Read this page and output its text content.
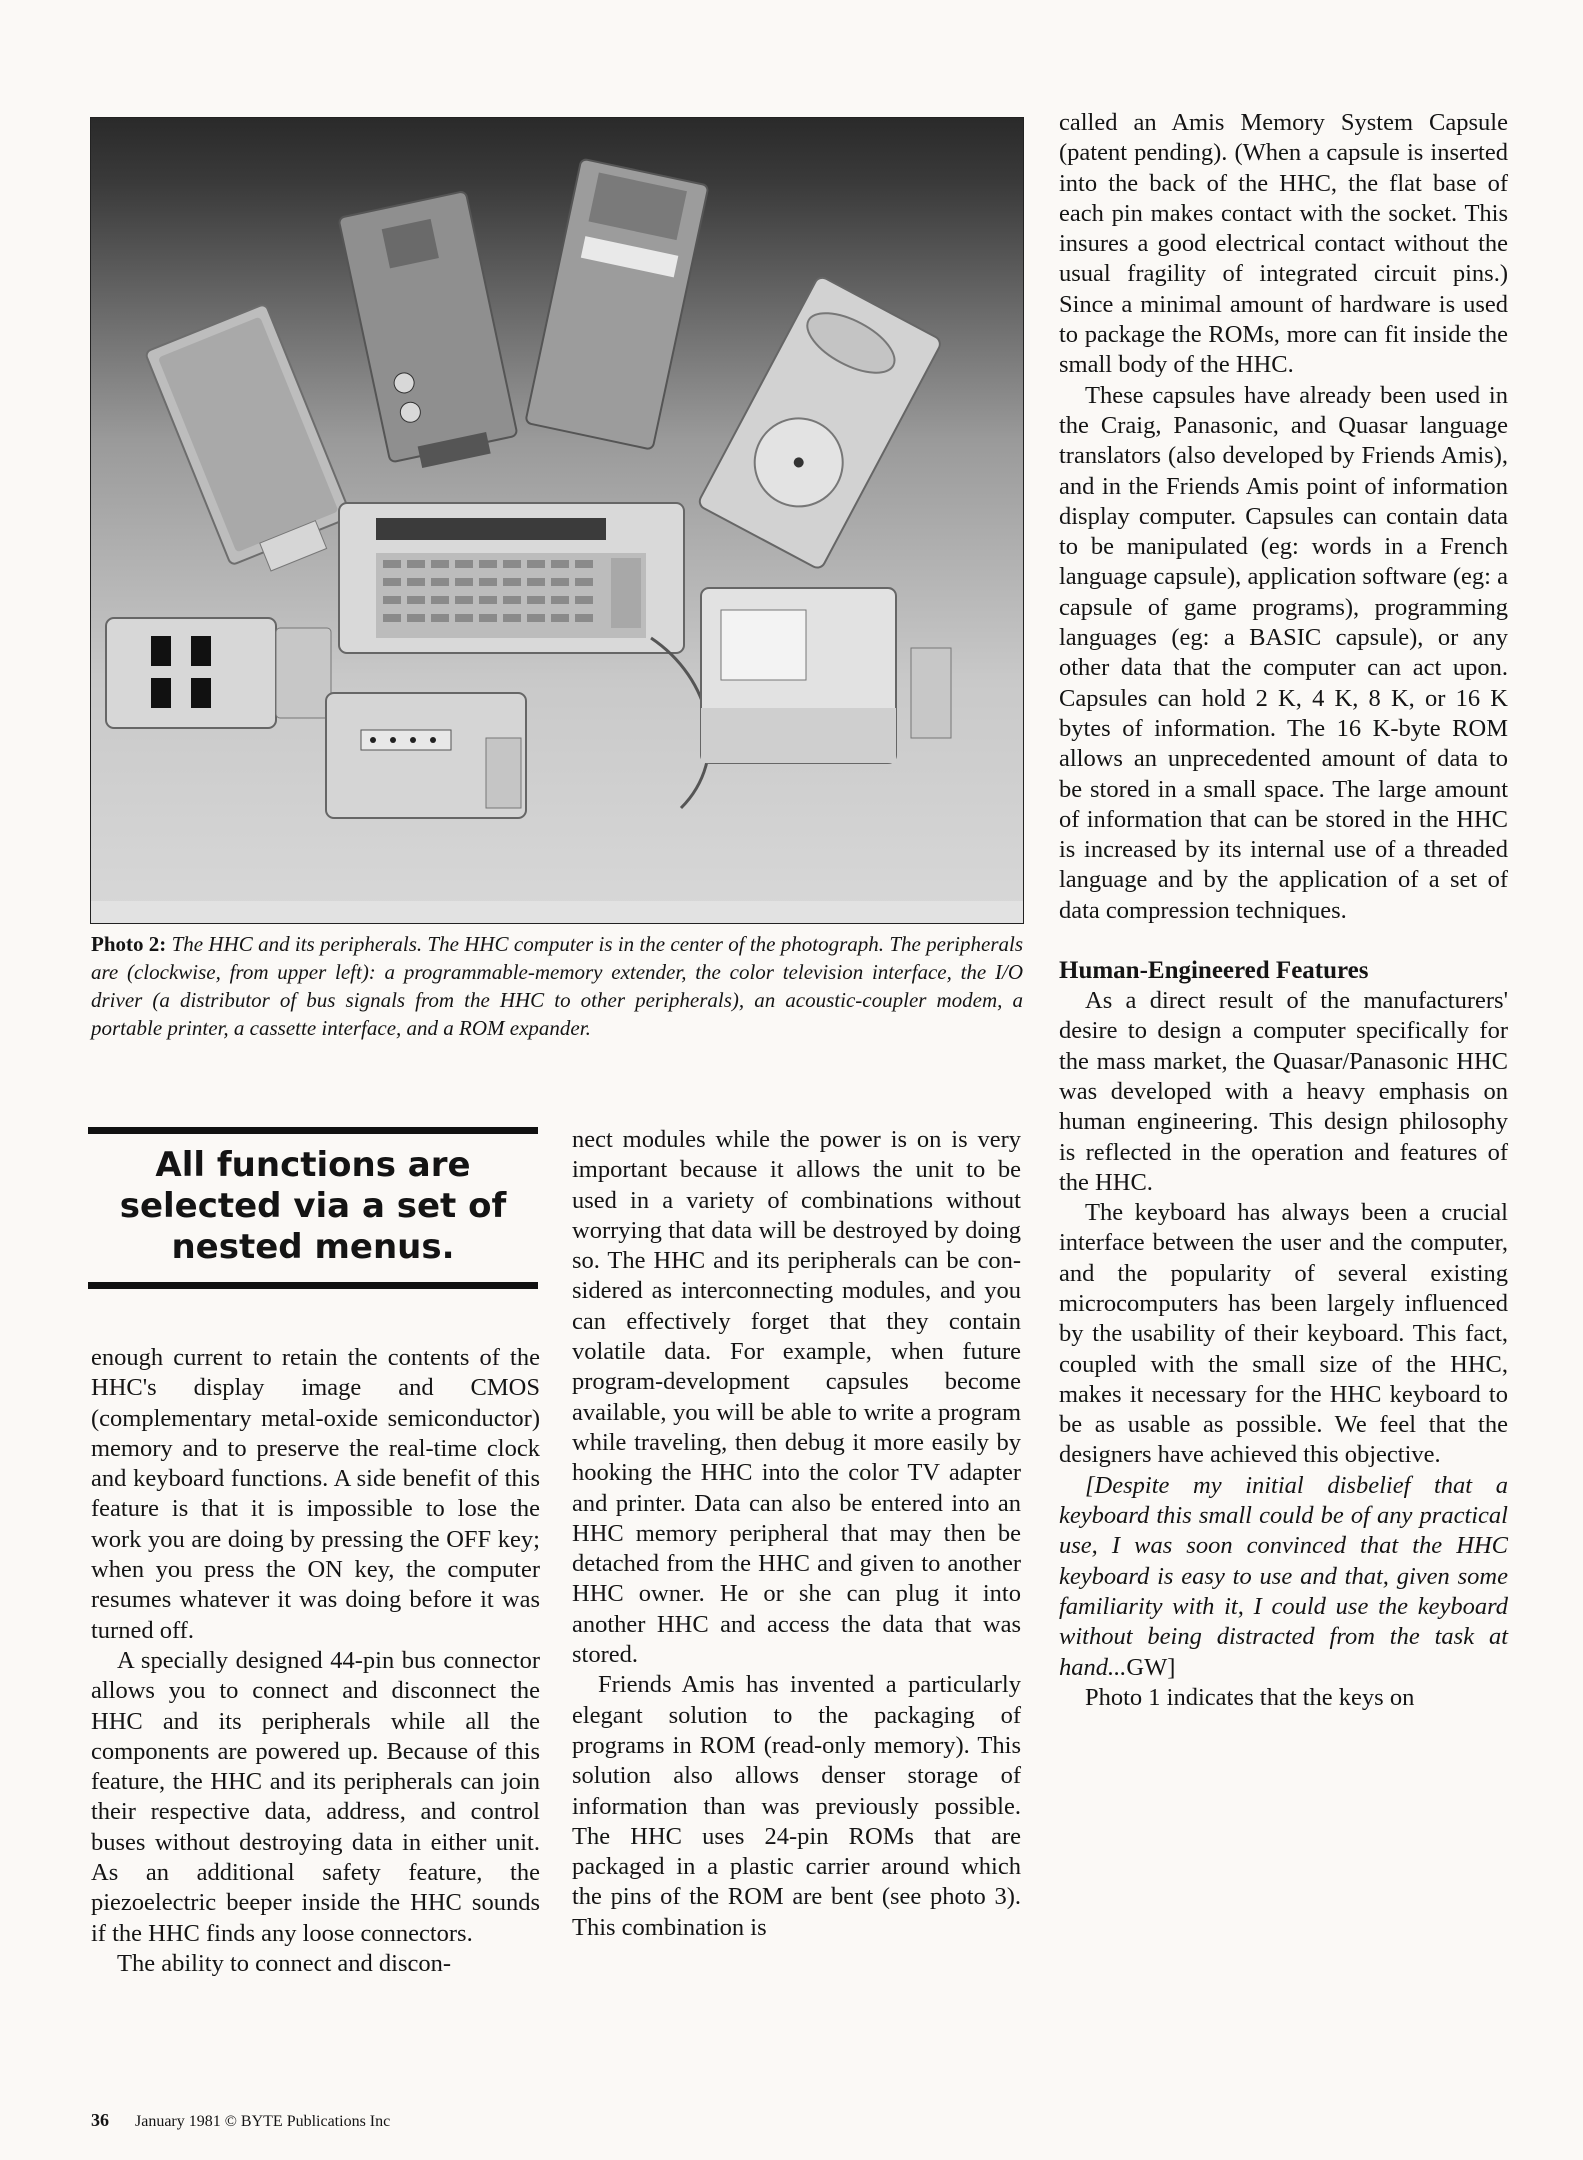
Photo 2: The HHC and its peripherals. The HHC computer is in the center of the photograph. The peripherals are (clockwise, from upper left): a programmable-memory extender, the color television interface, the I/O driver (a distributor of bus signals from the HHC to other peripherals), an acoustic-coupler modem, a portable printer, a cassette interface, and a ROM expander.
All functions are selected via a set of nested menus.

enough current to retain the contents of the HHC's display image and CMOS (complementary metal-oxide semiconductor) memory and to preserve the real-time clock and keyboard functions. A side benefit of this feature is that it is impossible to lose the work you are doing by pressing the OFF key; when you press the ON key, the computer resumes whatever it was doing before it was turned off.

A specially designed 44-pin bus connector allows you to connect and disconnect the HHC and its peripherals while all the components are powered up. Because of this feature, the HHC and its peripherals can join their respective data, address, and control buses without destroying data in either unit. As an additional safety feature, the piezoelectric beeper inside the HHC sounds if the HHC finds any loose connectors.

The ability to connect and discon-

nect modules while the power is on is very important because it allows the unit to be used in a variety of combinations without worrying that data will be destroyed by doing so. The HHC and its peripherals can be considered as interconnecting modules, and you can effectively forget that they contain volatile data. For example, when future program-development capsules become available, you will be able to write a program while traveling, then debug it more easily by hooking the HHC into the color TV adapter and printer. Data can also be entered into an HHC memory peripheral that may then be detached from the HHC and given to another HHC owner. He or she can plug it into another HHC and access the data that was stored.

Friends Amis has invented a particularly elegant solution to the packaging of programs in ROM (read-only memory). This solution also allows denser storage of information than was previously possible. The HHC uses 24-pin ROMs that are packaged in a plastic carrier around which the pins of the ROM are bent (see photo 3). This combination is

called an Amis Memory System Capsule (patent pending). (When a capsule is inserted into the back of the HHC, the flat base of each pin makes contact with the socket. This insures a good electrical contact without the usual fragility of integrated circuit pins.) Since a minimal amount of hardware is used to package the ROMs, more can fit inside the small body of the HHC.

These capsules have already been used in the Craig, Panasonic, and Quasar language translators (also developed by Friends Amis), and in the Friends Amis point of information display computer. Capsules can contain data to be manipulated (eg: words in a French language capsule), application software (eg: a capsule of game programs), programming languages (eg: a BASIC capsule), or any other data that the computer can act upon. Capsules can hold 2 K, 4 K, 8 K, or 16 K bytes of information. The 16 K-byte ROM allows an unprecedented amount of data to be stored in a small space. The large amount of information that can be stored in the HHC is increased by its internal use of a threaded language and by the application of a set of data compression techniques.

Human-Engineered Features

As a direct result of the manufacturers' desire to design a computer specifically for the mass market, the Quasar/Panasonic HHC was developed with a heavy emphasis on human engineering. This design philosophy is reflected in the operation and features of the HHC.

The keyboard has always been a crucial interface between the user and the computer, and the popularity of several existing microcomputers has been largely influenced by the usability of their keyboard. This fact, coupled with the small size of the HHC, makes it necessary for the HHC keyboard to be as usable as possible. We feel that the designers have achieved this objective.

[Despite my initial disbelief that a keyboard this small could be of any practical use, I was soon convinced that the HHC keyboard is easy to use and that, given some familiarity with it, I could use the keyboard without being distracted from the task at hand...GW]

Photo 1 indicates that the keys on

36 January 1981 © BYTE Publications Inc
